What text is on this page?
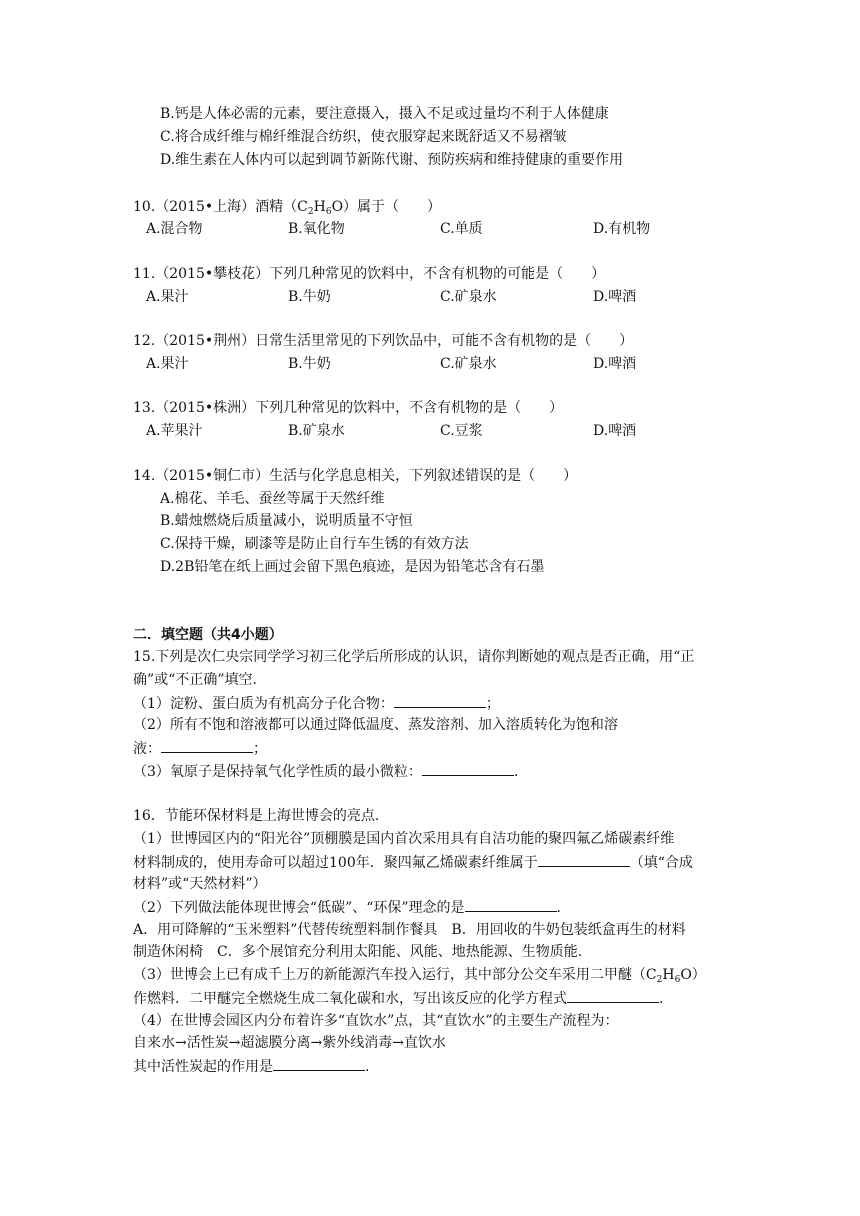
B.钙是人体必需的元素，要注意摄入，摄入不足或过量均不利于人体健康
C.将合成纤维与棉纤维混合纺织，使衣服穿起来既舒适又不易褶皱
D.维生素在人体内可以起到调节新陈代谢、预防疾病和维持健康的重要作用
10.（2015•上海）酒精$(C_2H_6O)$属于（　　）
A.混合物	B.氧化物	C.单质	D.有机物
11.（2015•攀枝花）下列几种常见的饮料中，不含有机物的可能是（　　）
A.果汁	B.牛奶	C.矿泉水	D.啤酒
12.（2015•荆州）日常生活里常见的下列饮品中，可能不含有机物的是（　　）
A.果汁	B.牛奶	C.矿泉水	D.啤酒
13.（2015•株洲）下列几种常见的饮料中，不含有机物的是（　　）
A.苹果汁	B.矿泉水	C.豆浆	D.啤酒
14.（2015•铜仁市）生活与化学息息相关，下列叙述错误的是（　　）
A.棉花、羊毛、蚕丝等属于天然纤维
B.蜡烛燃烧后质量减小，说明质量不守恒
C.保持干燥，刷漆等是防止自行车生锈的有效方法
D.2B铅笔在纸上画过会留下黑色痕迹，是因为铅笔芯含有石墨
二．填空题（共4小题）
15.下列是次仁央宗同学学习初三化学后所形成的认识，请你判断她的观点是否正确，用“正
确”或“不正确”填空.
（1）淀粉、蛋白质为有机高分子化合物：	；
（2）所有不饱和溶液都可以通过降低温度、蒸发溶剂、加入溶质转化为饱和溶
液：	；
（3）氧原子是保持氧气化学性质的最小微粒：	.
16．节能环保材料是上海世博会的亮点.
（1）世博园区内的“阳光谷”顶棚膜是国内首次采用具有自洁功能的聚四氟乙烯碳素纤维
材料制成的，使用寿命可以超过100年．聚四氟乙烯碳素纤维属于	（填“合成
材料”或“天然材料”）
（2）下列做法能体现世博会“低碳”、“环保”理念的是	.
A．用可降解的“玉米塑料”代替传统塑料制作餐具　B．用回收的牛奶包装纸盒再生的材料
制造休闲椅　C．多个展馆充分利用太阳能、风能、地热能源、生物质能.
（3）世博会上已有成千上万的新能源汽车投入运行，其中部分公交车采用二甲醚$(C_2H_6O)$
作燃料．二甲醚完全燃烧生成二氧化碳和水，写出该反应的化学方程式	.
（4）在世博会园区内分布着许多“直饮水”点，其“直饮水”的主要生产流程为：
自来水→活性炭→超滤膜分离→紫外线消毒→直饮水
其中活性炭起的作用是	.
